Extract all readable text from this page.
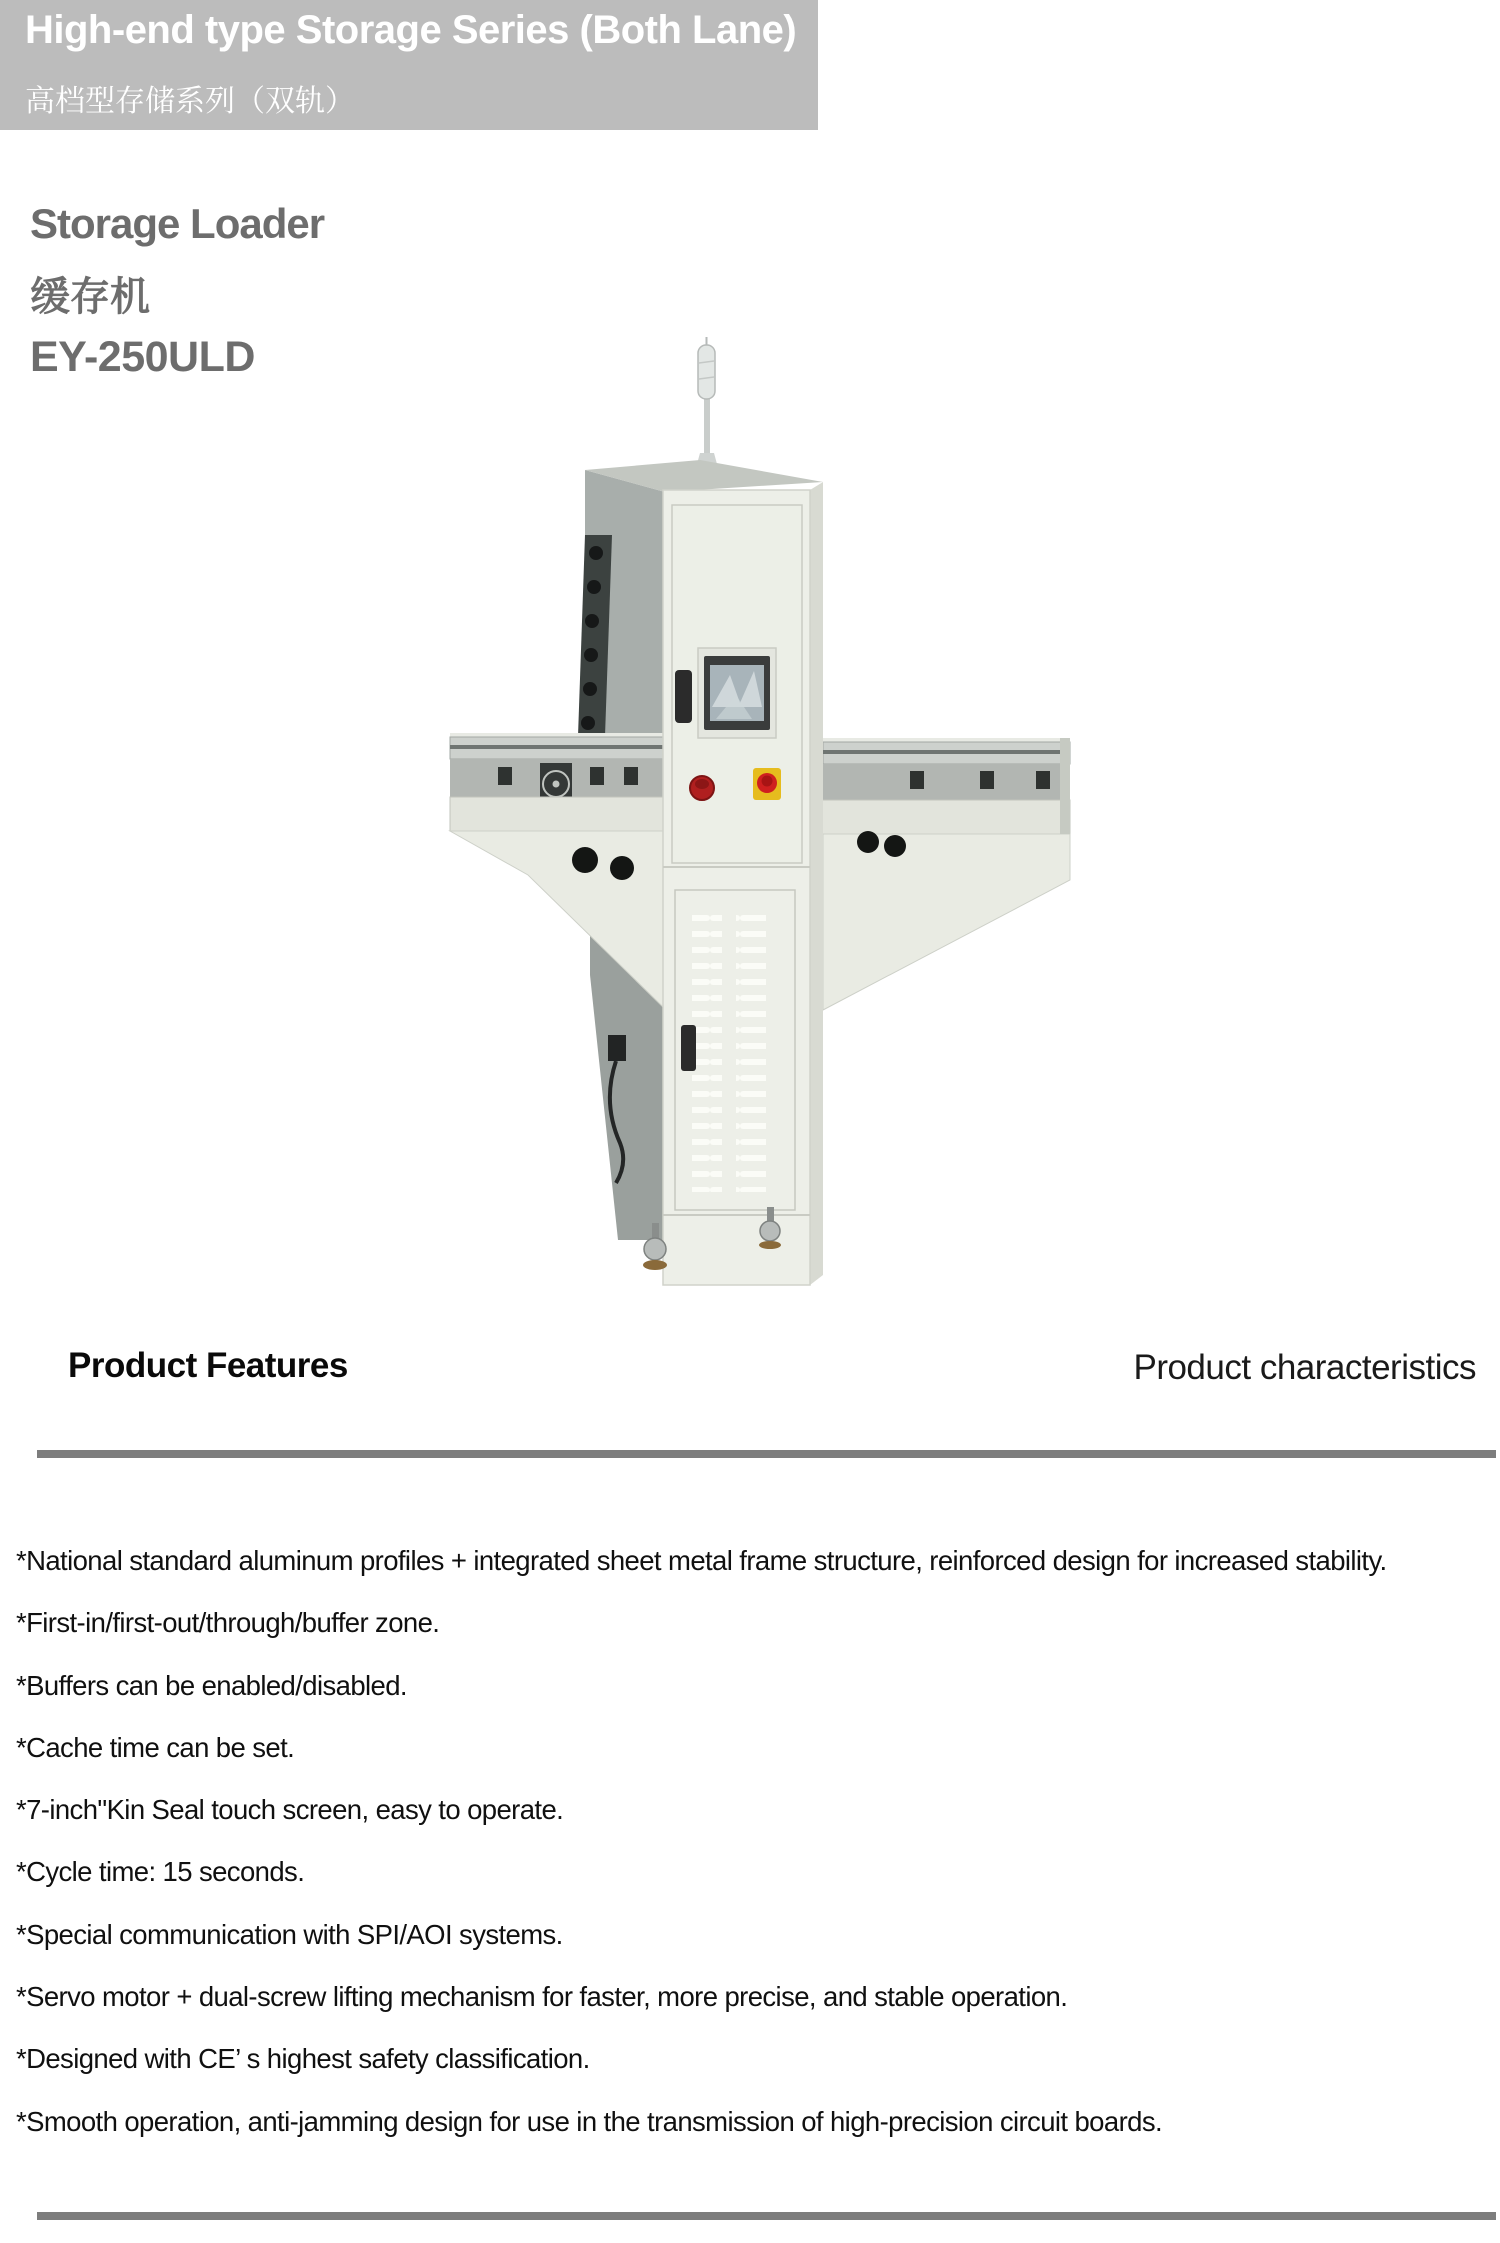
High-end type Storage Series (Both Lane)
高档型存储系列（双轨）
Storage Loader
缓存机
EY-250ULD
Product Features	Product characteristics
*National standard aluminum profiles + integrated sheet metal frame structure, reinforced design for increased stability.
*First-in/first-out/through/buffer zone.
*Buffers can be enabled/disabled.
*Cache time can be set.
*7-inch"Kin Seal touch screen, easy to operate.
*Cycle time: 15 seconds.
*Special communication with SPI/AOI systems.
*Servo motor + dual-screw lifting mechanism for faster, more precise, and stable operation.
*Designed with CE’ s highest safety classification.
*Smooth operation, anti-jamming design for use in the transmission of high-precision circuit boards.
